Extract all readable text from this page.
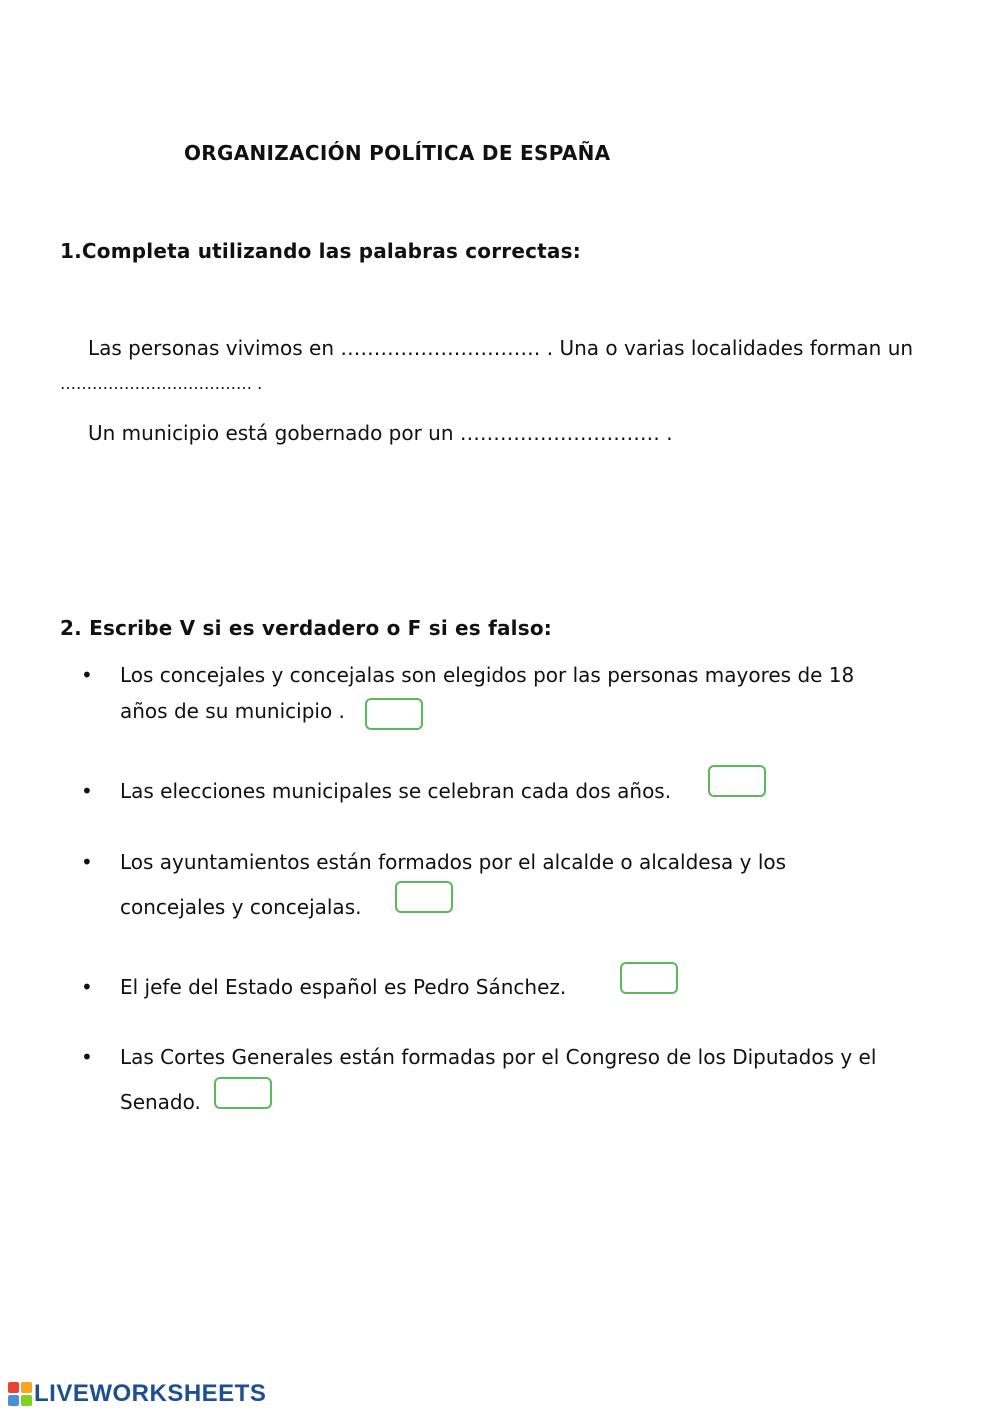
ORGANIZACIÓN POLÍTICA DE ESPAÑA
1.Completa utilizando las palabras correctas:
Las personas vivimos en ………………………… . Una o varias localidades forman un
……………………………… .
Un municipio está gobernado por un ………………………… .
2. Escribe V si es verdadero o F si es falso:
• Los concejales y concejalas son elegidos por las personas mayores de 18
años de su municipio .
• Las elecciones municipales se celebran cada dos años.
• Los ayuntamientos están formados por el alcalde o alcaldesa y los
concejales y concejalas.
• El jefe del Estado español es Pedro Sánchez.
• Las Cortes Generales están formadas por el Congreso de los Diputados y el
Senado.
LIVEWORKSHEETS
